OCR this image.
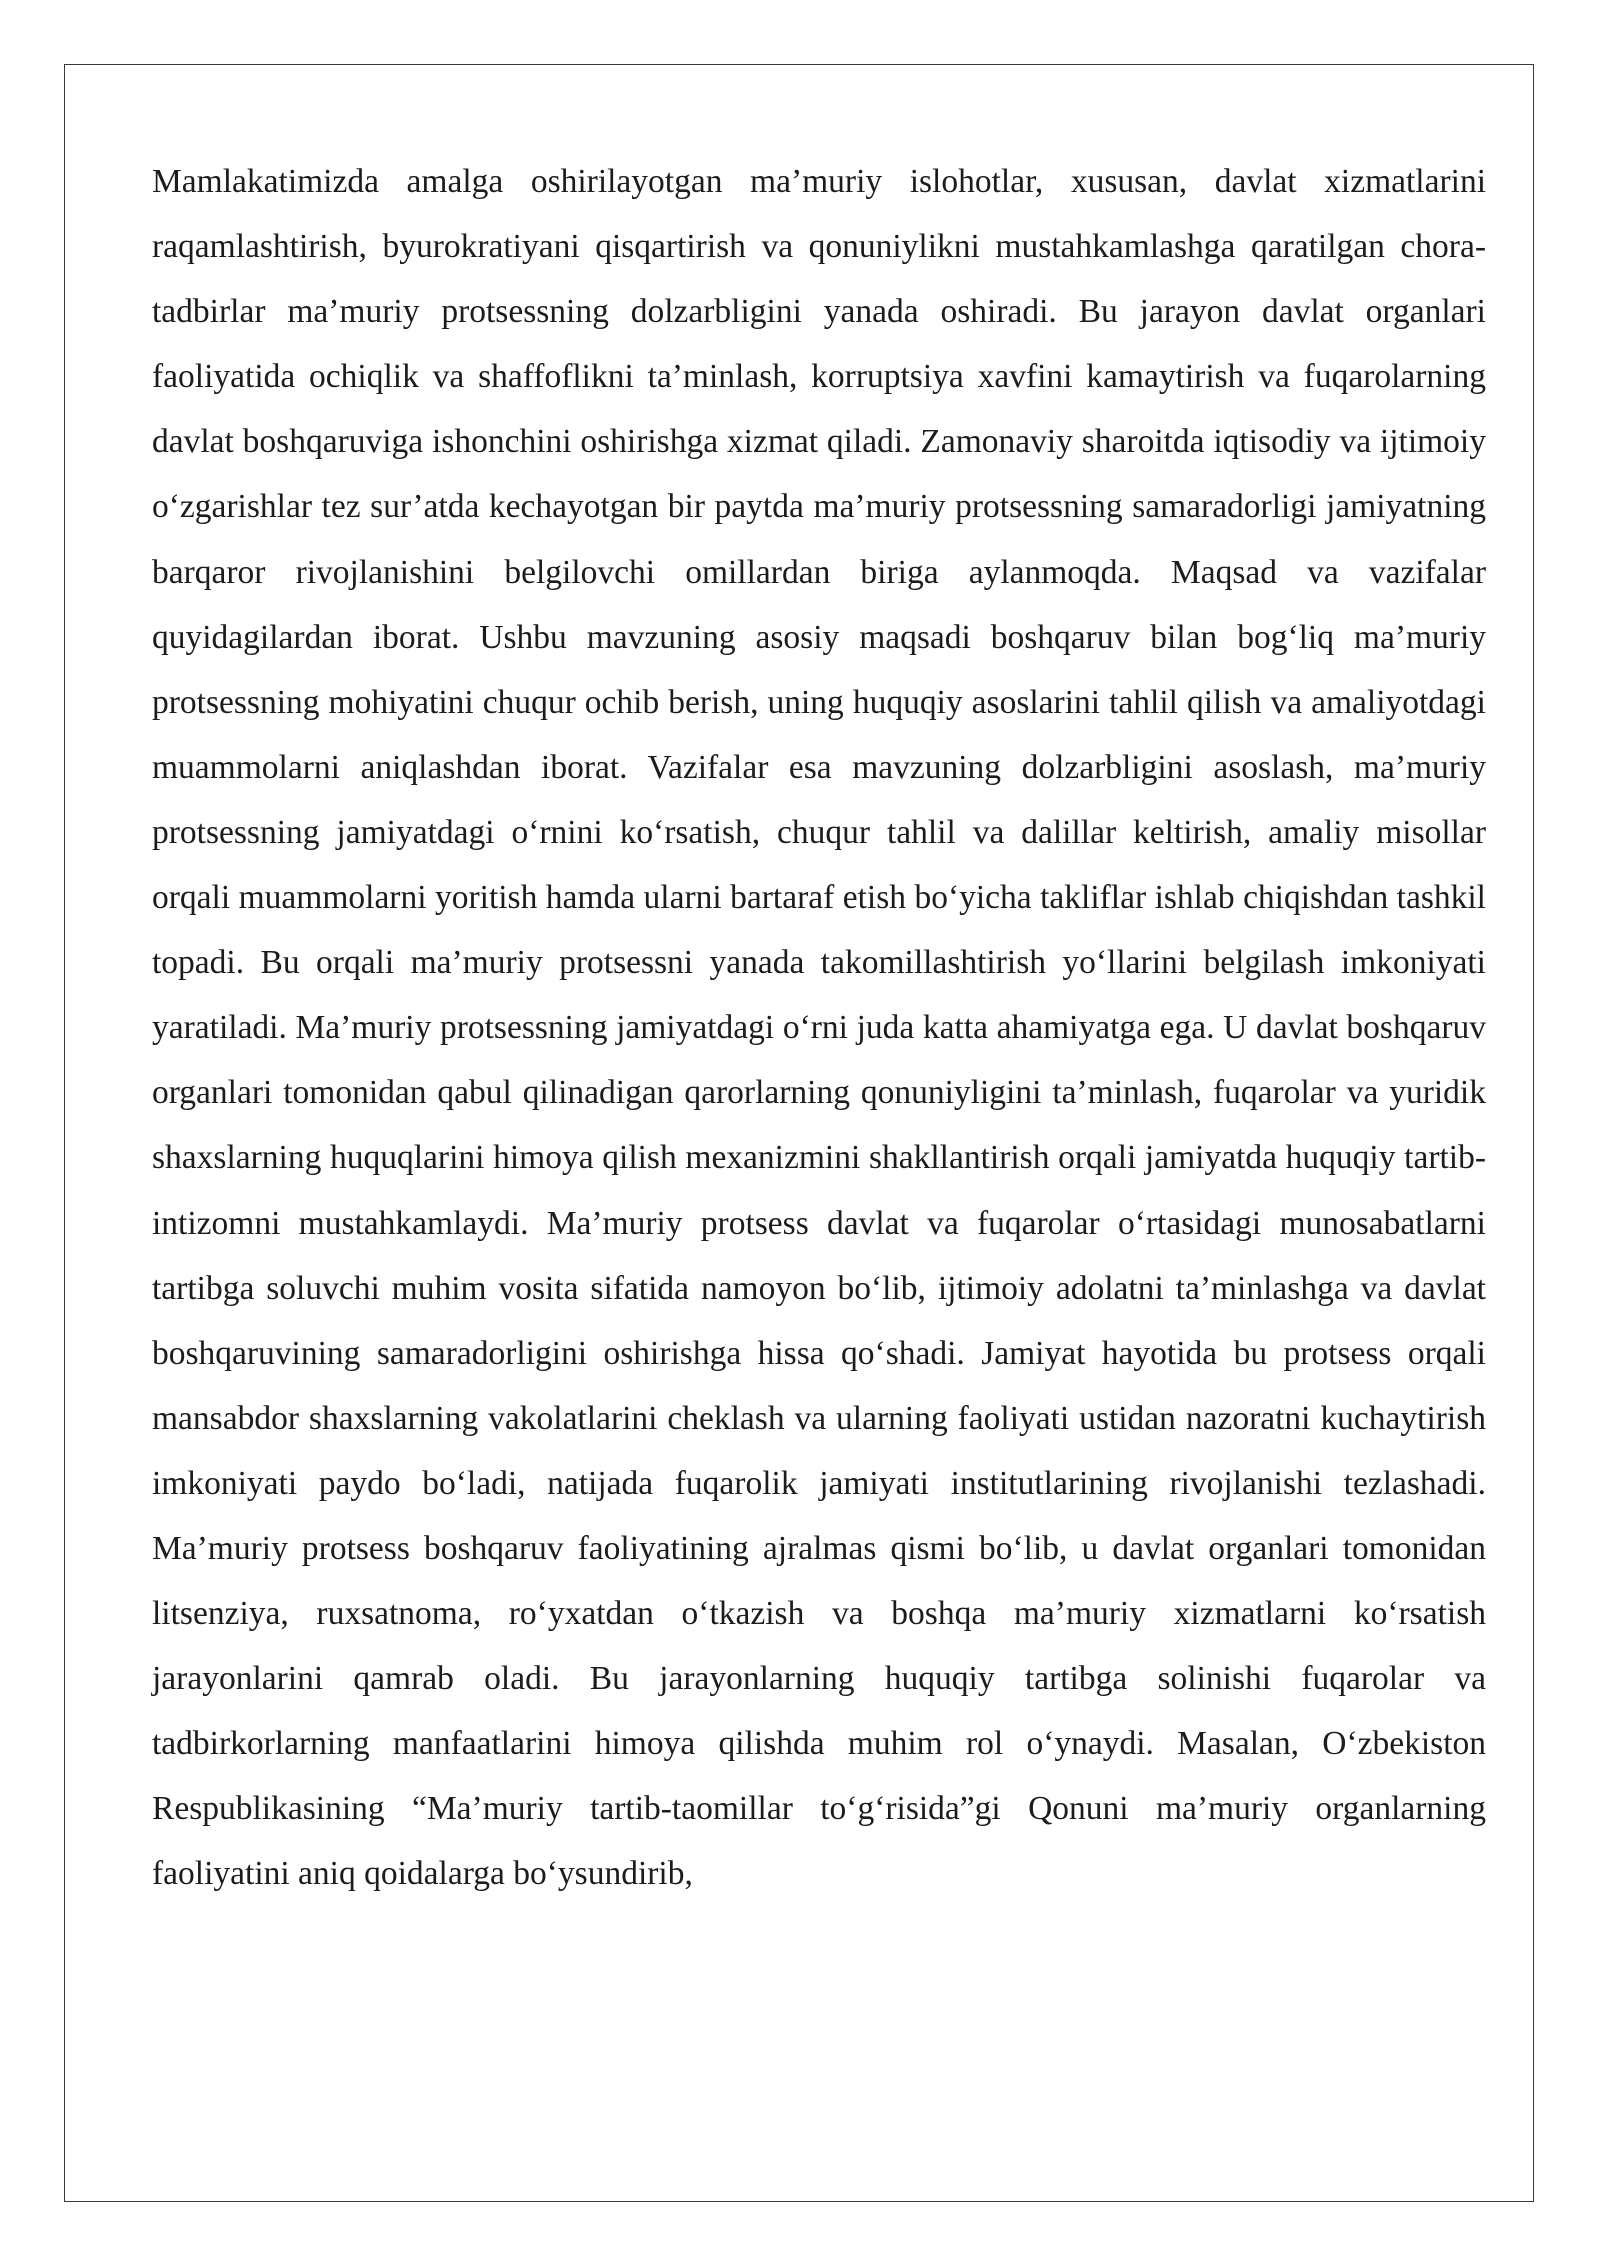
Mamlakatimizda amalga oshirilayotgan ma’muriy islohotlar, xususan, davlat xizmatlarini raqamlashtirish, byurokratiyani qisqartirish va qonuniylikni mustahkamlashga qaratilgan chora-tadbirlar ma’muriy protsessning dolzarbligini yanada oshiradi. Bu jarayon davlat organlari faoliyatida ochiqlik va shaffoflikni ta’minlash, korruptsiya xavfini kamaytirish va fuqarolarning davlat boshqaruviga ishonchini oshirishga xizmat qiladi. Zamonaviy sharoitda iqtisodiy va ijtimoiy o‘zgarishlar tez sur’atda kechayotgan bir paytda ma’muriy protsessning samaradorligi jamiyatning barqaror rivojlanishini belgilovchi omillardan biriga aylanmoqda. Maqsad va vazifalar quyidagilardan iborat. Ushbu mavzuning asosiy maqsadi boshqaruv bilan bog‘liq ma’muriy protsessning mohiyatini chuqur ochib berish, uning huquqiy asoslarini tahlil qilish va amaliyotdagi muammolarni aniqlashdan iborat. Vazifalar esa mavzuning dolzarbligini asoslash, ma’muriy protsessning jamiyatdagi o‘rnini ko‘rsatish, chuqur tahlil va dalillar keltirish, amaliy misollar orqali muammolarni yoritish hamda ularni bartaraf etish bo‘yicha takliflar ishlab chiqishdan tashkil topadi. Bu orqali ma’muriy protsessni yanada takomillashtirish yo‘llarini belgilash imkoniyati yaratiladi. Ma’muriy protsessning jamiyatdagi o‘rni juda katta ahamiyatga ega. U davlat boshqaruv organlari tomonidan qabul qilinadigan qarorlarning qonuniyligini ta’minlash, fuqarolar va yuridik shaxslarning huquqlarini himoya qilish mexanizmini shakllantirish orqali jamiyatda huquqiy tartib-intizomni mustahkamlaydi. Ma’muriy protsess davlat va fuqarolar o‘rtasidagi munosabatlarni tartibga soluvchi muhim vosita sifatida namoyon bo‘lib, ijtimoiy adolatni ta’minlashga va davlat boshqaruvining samaradorligini oshirishga hissa qo‘shadi. Jamiyat hayotida bu protsess orqali mansabdor shaxslarning vakolatlarini cheklash va ularning faoliyati ustidan nazoratni kuchaytirish imkoniyati paydo bo‘ladi, natijada fuqarolik jamiyati institutlarining rivojlanishi tezlashadi. Ma’muriy protsess boshqaruv faoliyatining ajralmas qismi bo‘lib, u davlat organlari tomonidan litsenziya, ruxsatnoma, ro‘yxatdan o‘tkazish va boshqa ma’muriy xizmatlarni ko‘rsatish jarayonlarini qamrab oladi. Bu jarayonlarning huquqiy tartibga solinishi fuqarolar va tadbirkorlarning manfaatlarini himoya qilishda muhim rol o‘ynaydi. Masalan, O‘zbekiston Respublikasining “Ma’muriy tartib-taomillar to‘g‘risida”gi Qonuni ma’muriy organlarning faoliyatini aniq qoidalarga bo‘ysundirib,
